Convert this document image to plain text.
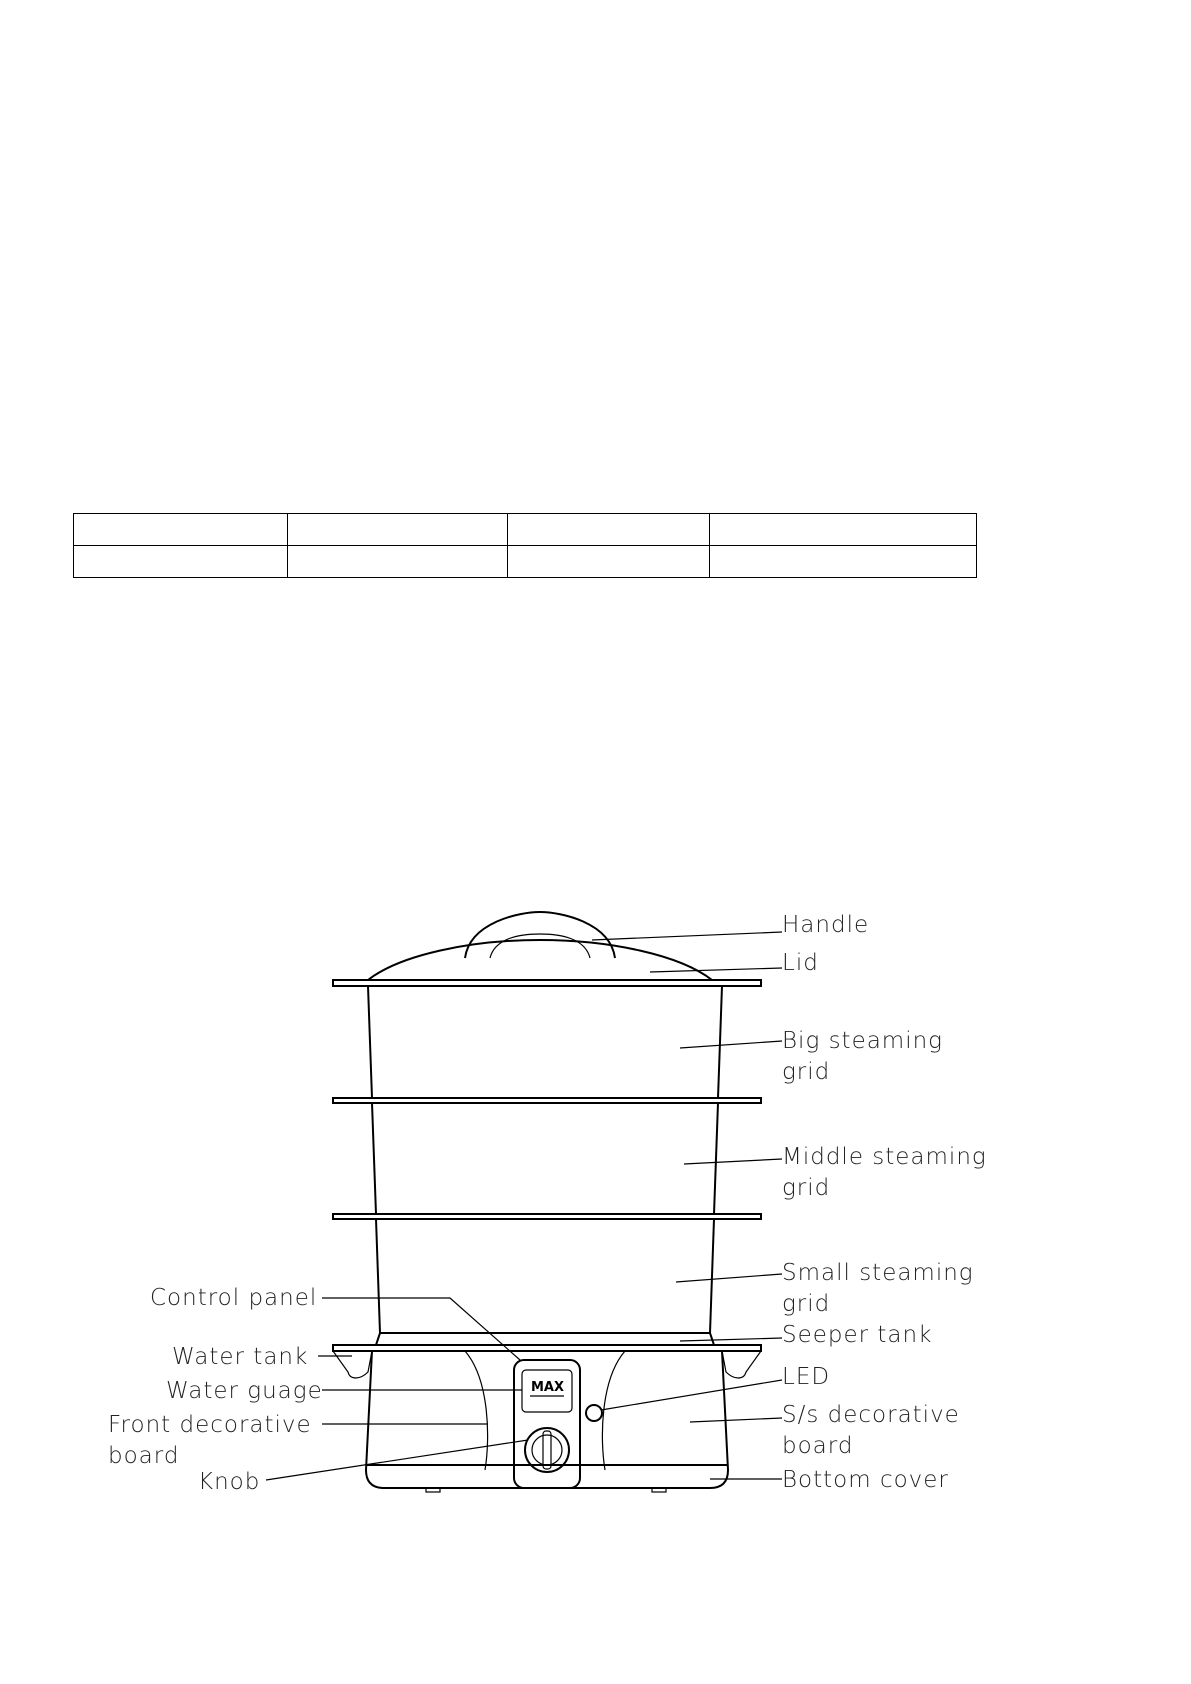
MAX
Handle
Lid
Big steaming
grid
Middle steaming
grid
Small steaming
grid
Seeper tank
LED
S/s decorative
board
Bottom cover
Control panel
Water tank
Water guage
Front decorative
board
Knob
